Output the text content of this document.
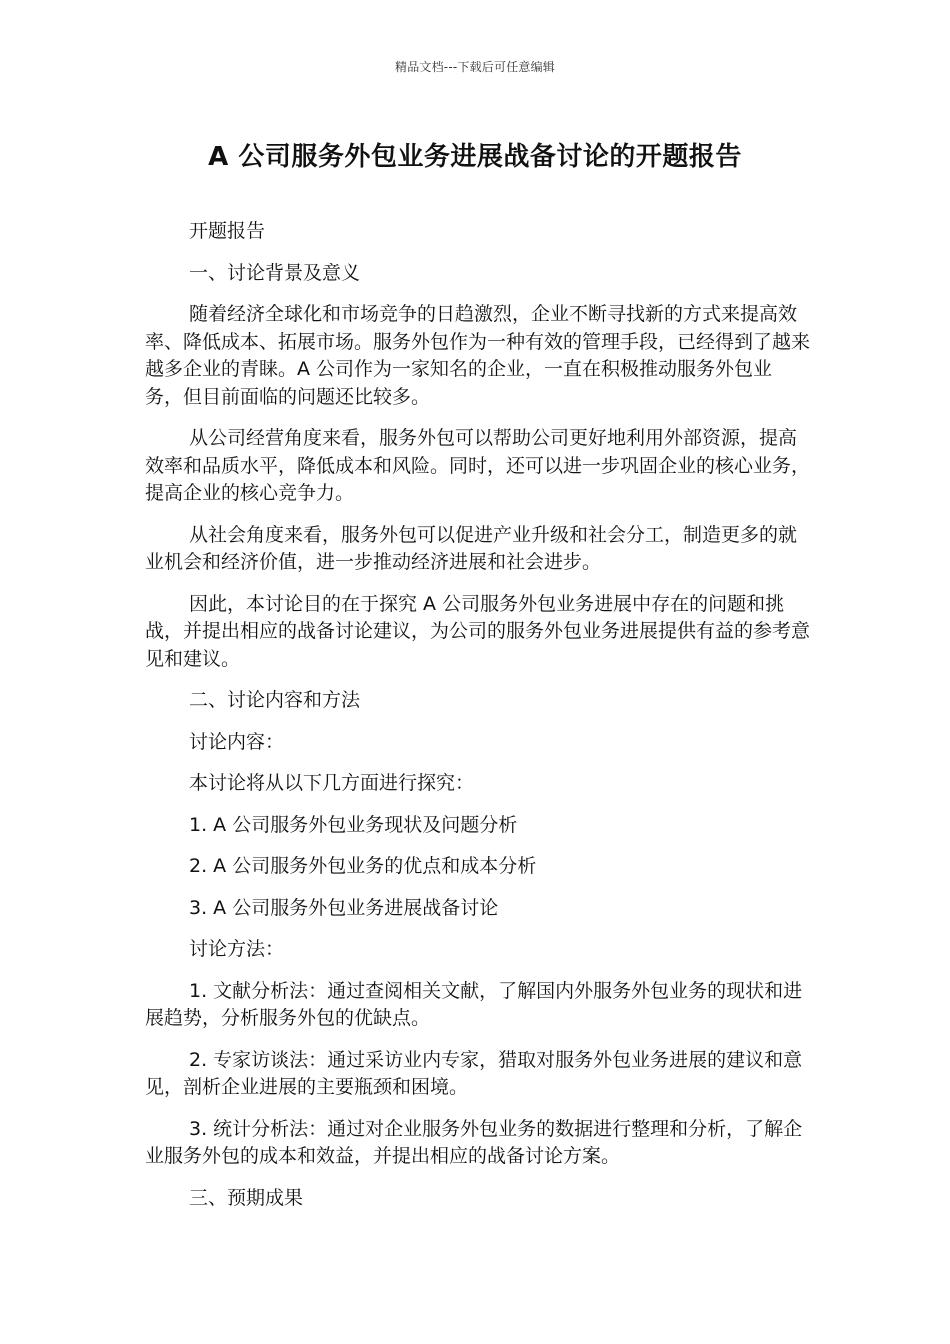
精品文档---下载后可任意编辑
A 公司服务外包业务进展战备讨论的开题报告

开题报告

一、讨论背景及意义

随着经济全球化和市场竞争的日趋激烈，企业不断寻找新的方式来提高效率、降低成本、拓展市场。服务外包作为一种有效的管理手段，已经得到了越来越多企业的青睐。A 公司作为一家知名的企业，一直在积极推动服务外包业务，但目前面临的问题还比较多。

从公司经营角度来看，服务外包可以帮助公司更好地利用外部资源，提高效率和品质水平，降低成本和风险。同时，还可以进一步巩固企业的核心业务，提高企业的核心竞争力。

从社会角度来看，服务外包可以促进产业升级和社会分工，制造更多的就业机会和经济价值，进一步推动经济进展和社会进步。

因此，本讨论目的在于探究 A 公司服务外包业务进展中存在的问题和挑战，并提出相应的战备讨论建议，为公司的服务外包业务进展提供有益的参考意见和建议。

二、讨论内容和方法

讨论内容：

本讨论将从以下几方面进行探究：

1. A 公司服务外包业务现状及问题分析

2. A 公司服务外包业务的优点和成本分析

3. A 公司服务外包业务进展战备讨论

讨论方法：

1. 文献分析法：通过查阅相关文献，了解国内外服务外包业务的现状和进展趋势，分析服务外包的优缺点。

2. 专家访谈法：通过采访业内专家，猎取对服务外包业务进展的建议和意见，剖析企业进展的主要瓶颈和困境。

3. 统计分析法：通过对企业服务外包业务的数据进行整理和分析，了解企业服务外包的成本和效益，并提出相应的战备讨论方案。

三、预期成果
